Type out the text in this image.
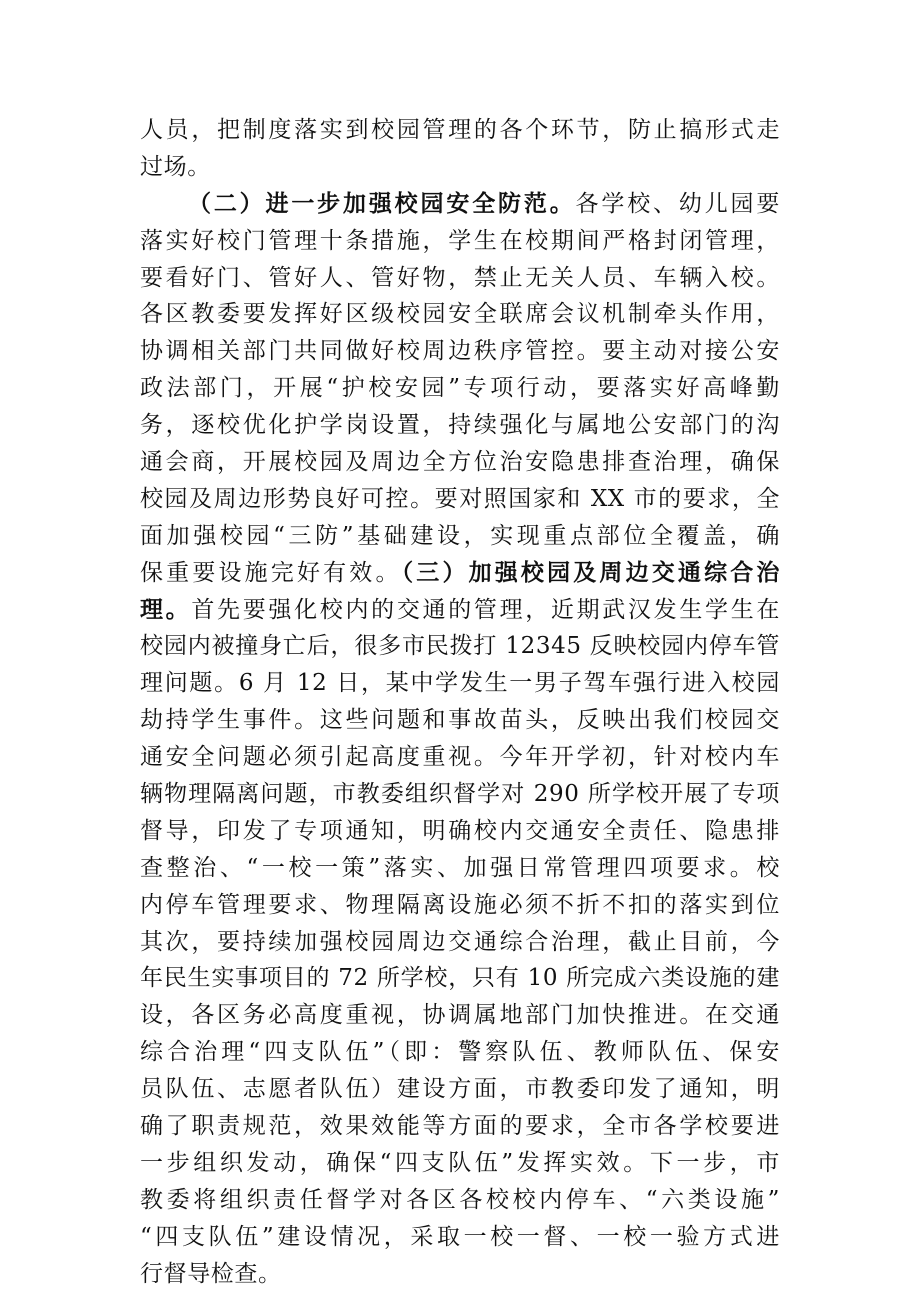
人员，把制度落实到校园管理的各个环节，防止搞形式走
过场。
（二）进一步加强校园安全防范。各学校、幼儿园要
落实好校门管理十条措施，学生在校期间严格封闭管理，
要看好门、管好人、管好物，禁止无关人员、车辆入校。
各区教委要发挥好区级校园安全联席会议机制牵头作用，
协调相关部门共同做好校周边秩序管控。要主动对接公安
政法部门，开展“护校安园”专项行动，要落实好高峰勤
务，逐校优化护学岗设置，持续强化与属地公安部门的沟
通会商，开展校园及周边全方位治安隐患排查治理，确保
校园及周边形势良好可控。要对照国家和 XX 市的要求，全
面加强校园“三防”基础建设，实现重点部位全覆盖，确
保重要设施完好有效。（三）加强校园及周边交通综合治
理。首先要强化校内的交通的管理，近期武汉发生学生在
校园内被撞身亡后，很多市民拨打 12345 反映校园内停车管
理问题。6 月 12 日，某中学发生一男子驾车强行进入校园
劫持学生事件。这些问题和事故苗头，反映出我们校园交
通安全问题必须引起高度重视。今年开学初，针对校内车
辆物理隔离问题，市教委组织督学对 290 所学校开展了专项
督导，印发了专项通知，明确校内交通安全责任、隐患排
查整治、“一校一策”落实、加强日常管理四项要求。校
内停车管理要求、物理隔离设施必须不折不扣的落实到位
其次，要持续加强校园周边交通综合治理，截止目前，今
年民生实事项目的 72 所学校，只有 10 所完成六类设施的建
设，各区务必高度重视，协调属地部门加快推进。在交通
综合治理“四支队伍”（即：警察队伍、教师队伍、保安
员队伍、志愿者队伍）建设方面，市教委印发了通知，明
确了职责规范，效果效能等方面的要求，全市各学校要进
一步组织发动，确保“四支队伍”发挥实效。下一步，市
教委将组织责任督学对各区各校校内停车、“六类设施”
“四支队伍”建设情况，采取一校一督、一校一验方式进
行督导检查。
